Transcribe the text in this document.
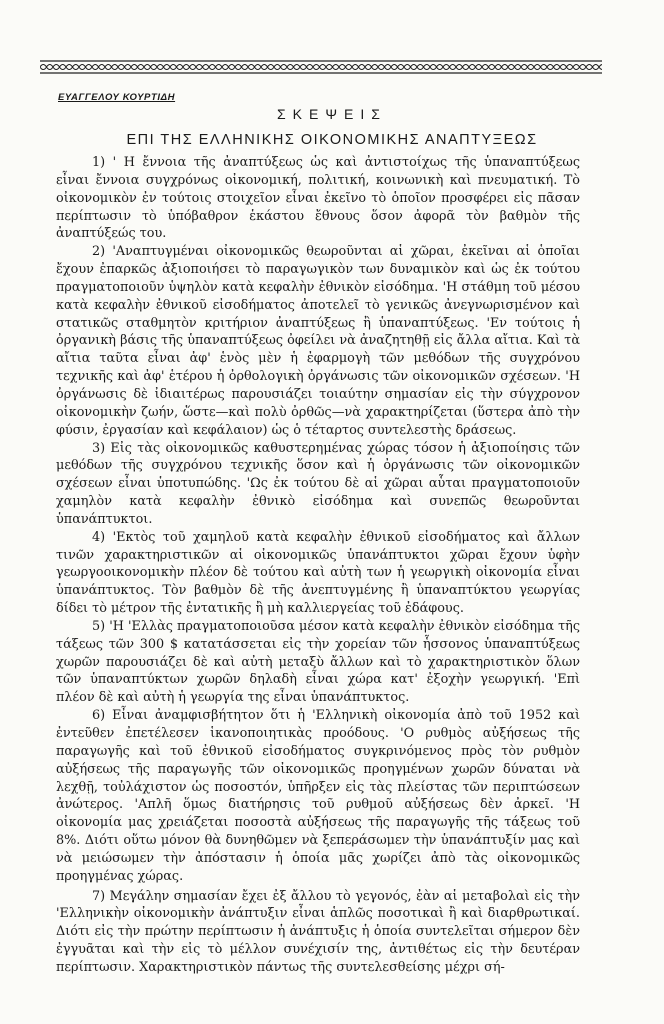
ΕΥΑΓΓΕΛΟΥ ΚΟΥΡΤΙΔΗ
ΣΚΕΨΕΙΣ
ΕΠΙ ΤΗΣ ΕΛΛΗΝΙΚΗΣ ΟΙΚΟΝΟΜΙΚΗΣ ΑΝΑΠΤΥΞΕΩΣ

1) ' Η ἔννοια τῆς ἀναπτύξεως ὡς καὶ ἀντιστοίχως τῆς ὑπαναπτύξεως εἶναι ἔννοια συγχρόνως οἰκονομική, πολιτική, κοινωνικὴ καὶ πνευματική. Τὸ οἰκονομικὸν ἐν τούτοις στοιχεῖον εἶναι ἐκεῖνο τὸ ὁποῖον προσφέρει εἰς πᾶσαν περίπτωσιν τὸ ὑπόβαθρον ἑκάστου ἔθνους ὅσον ἀφορᾶ τὸν βαθμὸν τῆς ἀναπτύξεώς του.

2) 'Αναπτυγμέναι οἰκονομικῶς θεωροῦνται αἱ χῶραι, ἐκεῖναι αἱ ὁποῖαι ἔχουν ἐπαρκῶς ἀξιοποιήσει τὸ παραγωγικὸν των δυναμικὸν καὶ ὡς ἐκ τούτου πραγματοποιοῦν ὑψηλὸν κατὰ κεφαλὴν ἐθνικὸν εἰσόδημα. 'Η στάθμη τοῦ μέσου κατὰ κεφαλὴν ἐθνικοῦ εἰσοδήματος ἀποτελεῖ τὸ γενικῶς ἀνεγνωρισμένον καὶ στατικῶς σταθμητὸν κριτήριον ἀναπτύξεως ἢ ὑπαναπτύξεως. 'Εν τούτοις ἡ ὀργανικὴ βάσις τῆς ὑπαναπτύξεως ὀφείλει νὰ ἀναζητηθῇ εἰς ἄλλα αἴτια. Καὶ τὰ αἴτια ταῦτα εἶναι ἀφ' ἑνὸς μὲν ἡ ἐφαρμογὴ τῶν μεθόδων τῆς συγχρόνου τεχνικῆς καὶ ἀφ' ἑτέρου ἡ ὀρθολογικὴ ὀργάνωσις τῶν οἰκονομικῶν σχέσεων. 'Η ὀργάνωσις δὲ ἰδιαιτέρως παρουσιάζει τοιαύτην σημασίαν εἰς τὴν σύγχρονον οἰκονομικὴν ζωήν, ὥστε—καὶ πολὺ ὀρθῶς—νὰ χαρακτηρίζεται (ὕστερα ἀπὸ τὴν φύσιν, ἐργασίαν καὶ κεφάλαιον) ὡς ὁ τέταρτος συντελεστὴς δράσεως.

3) Εἰς τὰς οἰκονομικῶς καθυστερημένας χώρας τόσον ἡ ἀξιοποίησις τῶν μεθόδων τῆς συγχρόνου τεχνικῆς ὅσον καὶ ἡ ὀργάνωσις τῶν οἰκονομικῶν σχέσεων εἶναι ὑποτυπώδης. 'Ως ἐκ τούτου δὲ αἱ χῶραι αὗται πραγματοποιοῦν χαμηλὸν κατὰ κεφαλὴν ἐθνικὸ εἰσόδημα καὶ συνεπῶς θεωροῦνται ὑπανάπτυκτοι.

4) 'Εκτὸς τοῦ χαμηλοῦ κατὰ κεφαλὴν ἐθνικοῦ εἰσοδήματος καὶ ἄλλων τινῶν χαρακτηριστικῶν αἱ οἰκονομικῶς ὑπανάπτυκτοι χῶραι ἔχουν ὑφὴν γεωργοοικονομικὴν πλέον δὲ τούτου καὶ αὐτὴ των ἡ γεωργικὴ οἰκονομία εἶναι ὑπανάπτυκτος. Τὸν βαθμὸν δὲ τῆς ἀνεπτυγμένης ἢ ὑπαναπτύκτου γεωργίας δίδει τὸ μέτρον τῆς ἐντατικῆς ἢ μὴ καλλιεργείας τοῦ ἐδάφους.

5) 'Η 'Ελλὰς πραγματοποιοῦσα μέσον κατὰ κεφαλὴν ἐθνικὸν εἰσόδημα τῆς τάξεως τῶν 300 $ κατατάσσεται εἰς τὴν χορείαν τῶν ἧσσονος ὑπαναπτύξεως χωρῶν παρουσιάζει δὲ καὶ αὐτὴ μεταξὺ ἄλλων καὶ τὸ χαρακτηριστικὸν ὅλων τῶν ὑπαναπτύκτων χωρῶν δηλαδὴ εἶναι χώρα κατ' ἐξοχὴν γεωργική. 'Επὶ πλέον δὲ καὶ αὐτὴ ἡ γεωργία της εἶναι ὑπανάπτυκτος.

6) Εἶναι ἀναμφισβήτητον ὅτι ἡ 'Ελληνικὴ οἰκονομία ἀπὸ τοῦ 1952 καὶ ἐντεῦθεν ἐπετέλεσεν ἱκανοποιητικὰς προόδους. 'Ο ρυθμὸς αὐξήσεως τῆς παραγωγῆς καὶ τοῦ ἐθνικοῦ εἰσοδήματος συγκρινόμενος πρὸς τὸν ρυθμὸν αὐξήσεως τῆς παραγωγῆς τῶν οἰκονομικῶς προηγμένων χωρῶν δύναται νὰ λεχθῇ, τοὐλάχιστον ὡς ποσοστόν, ὑπῆρξεν εἰς τὰς πλείστας τῶν περιπτώσεων ἀνώτερος. 'Απλῆ ὅμως διατήρησις τοῦ ρυθμοῦ αὐξήσεως δὲν ἀρκεῖ. 'Η οἰκονομία μας χρειάζεται ποσοστὰ αὐξήσεως τῆς παραγωγῆς τῆς τάξεως τοῦ 8%. Διότι οὕτω μόνον θὰ δυνηθῶμεν νὰ ξεπεράσωμεν τὴν ὑπανάπτυξίν μας καὶ νὰ μειώσωμεν τὴν ἀπόστασιν ἡ ὁποία μᾶς χωρίζει ἀπὸ τὰς οἰκονομικῶς προηγμένας χώρας.

7) Μεγάλην σημασίαν ἔχει ἐξ ἄλλου τὸ γεγονός, ἐὰν αἱ μεταβολαὶ εἰς τὴν 'Ελληνικὴν οἰκονομικὴν ἀνάπτυξιν εἶναι ἁπλῶς ποσοτικαὶ ἢ καὶ διαρθρωτικαί. Διότι εἰς τὴν πρώτην περίπτωσιν ἡ ἀνάπτυξις ἡ ὁποία συντελεῖται σήμερον δὲν ἐγγυᾶται καὶ τὴν εἰς τὸ μέλλον συνέχισίν της, ἀντιθέτως εἰς τὴν δευτέραν περίπτωσιν. Χαρακτηριστικὸν πάντως τῆς συντελεσθείσης μέχρι σή-
